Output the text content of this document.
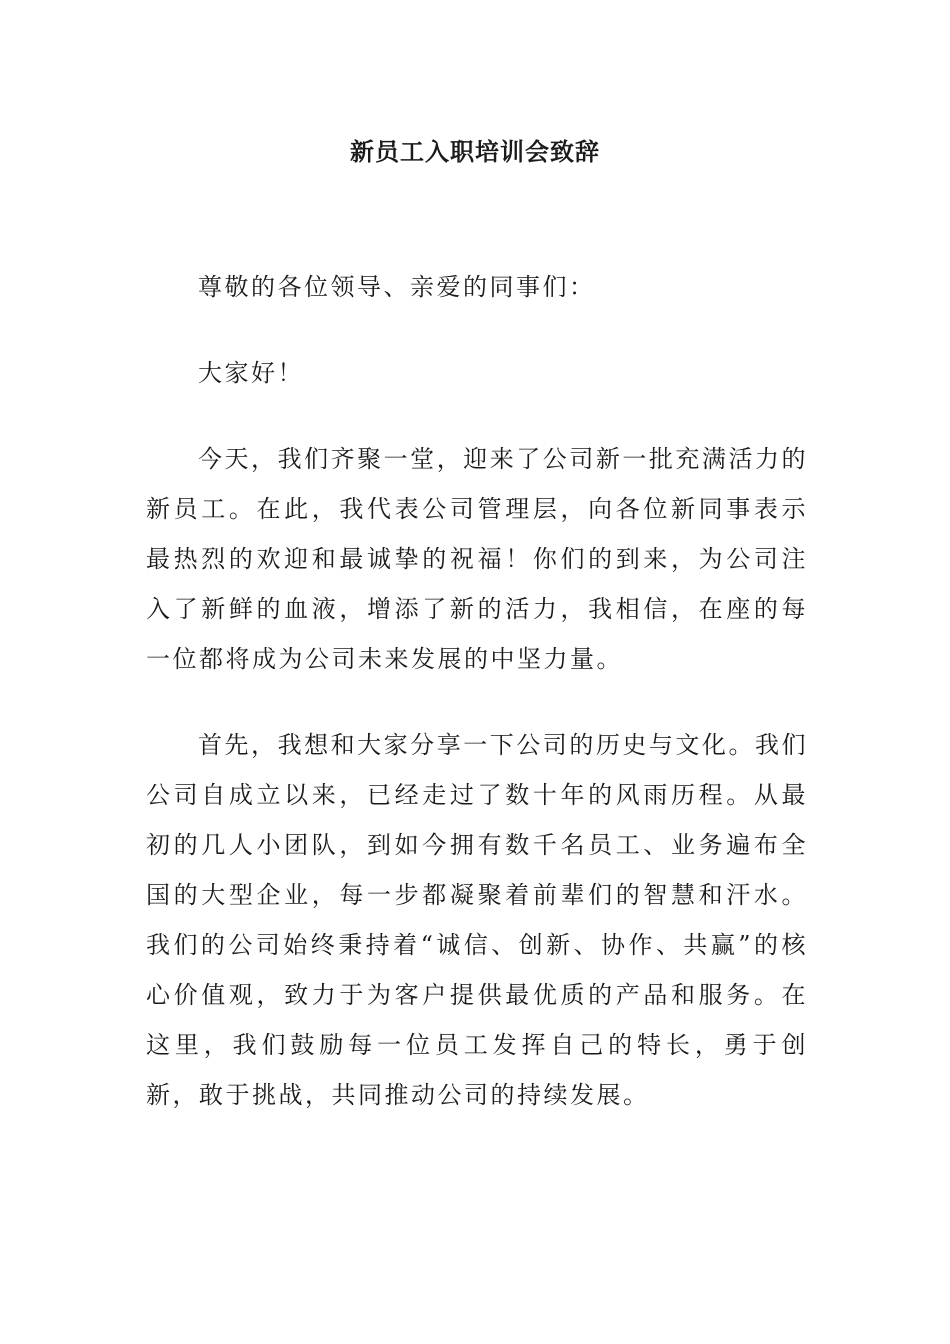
新员工入职培训会致辞

尊敬的各位领导、亲爱的同事们：

大家好！

今天，我们齐聚一堂，迎来了公司新一批充满活力的新员工。在此，我代表公司管理层，向各位新同事表示最热烈的欢迎和最诚挚的祝福！你们的到来，为公司注入了新鲜的血液，增添了新的活力，我相信，在座的每一位都将成为公司未来发展的中坚力量。

首先，我想和大家分享一下公司的历史与文化。我们公司自成立以来，已经走过了数十年的风雨历程。从最初的几人小团队，到如今拥有数千名员工、业务遍布全国的大型企业，每一步都凝聚着前辈们的智慧和汗水。我们的公司始终秉持着“诚信、创新、协作、共赢”的核心价值观，致力于为客户提供最优质的产品和服务。在这里，我们鼓励每一位员工发挥自己的特长，勇于创新，敢于挑战，共同推动公司的持续发展。
